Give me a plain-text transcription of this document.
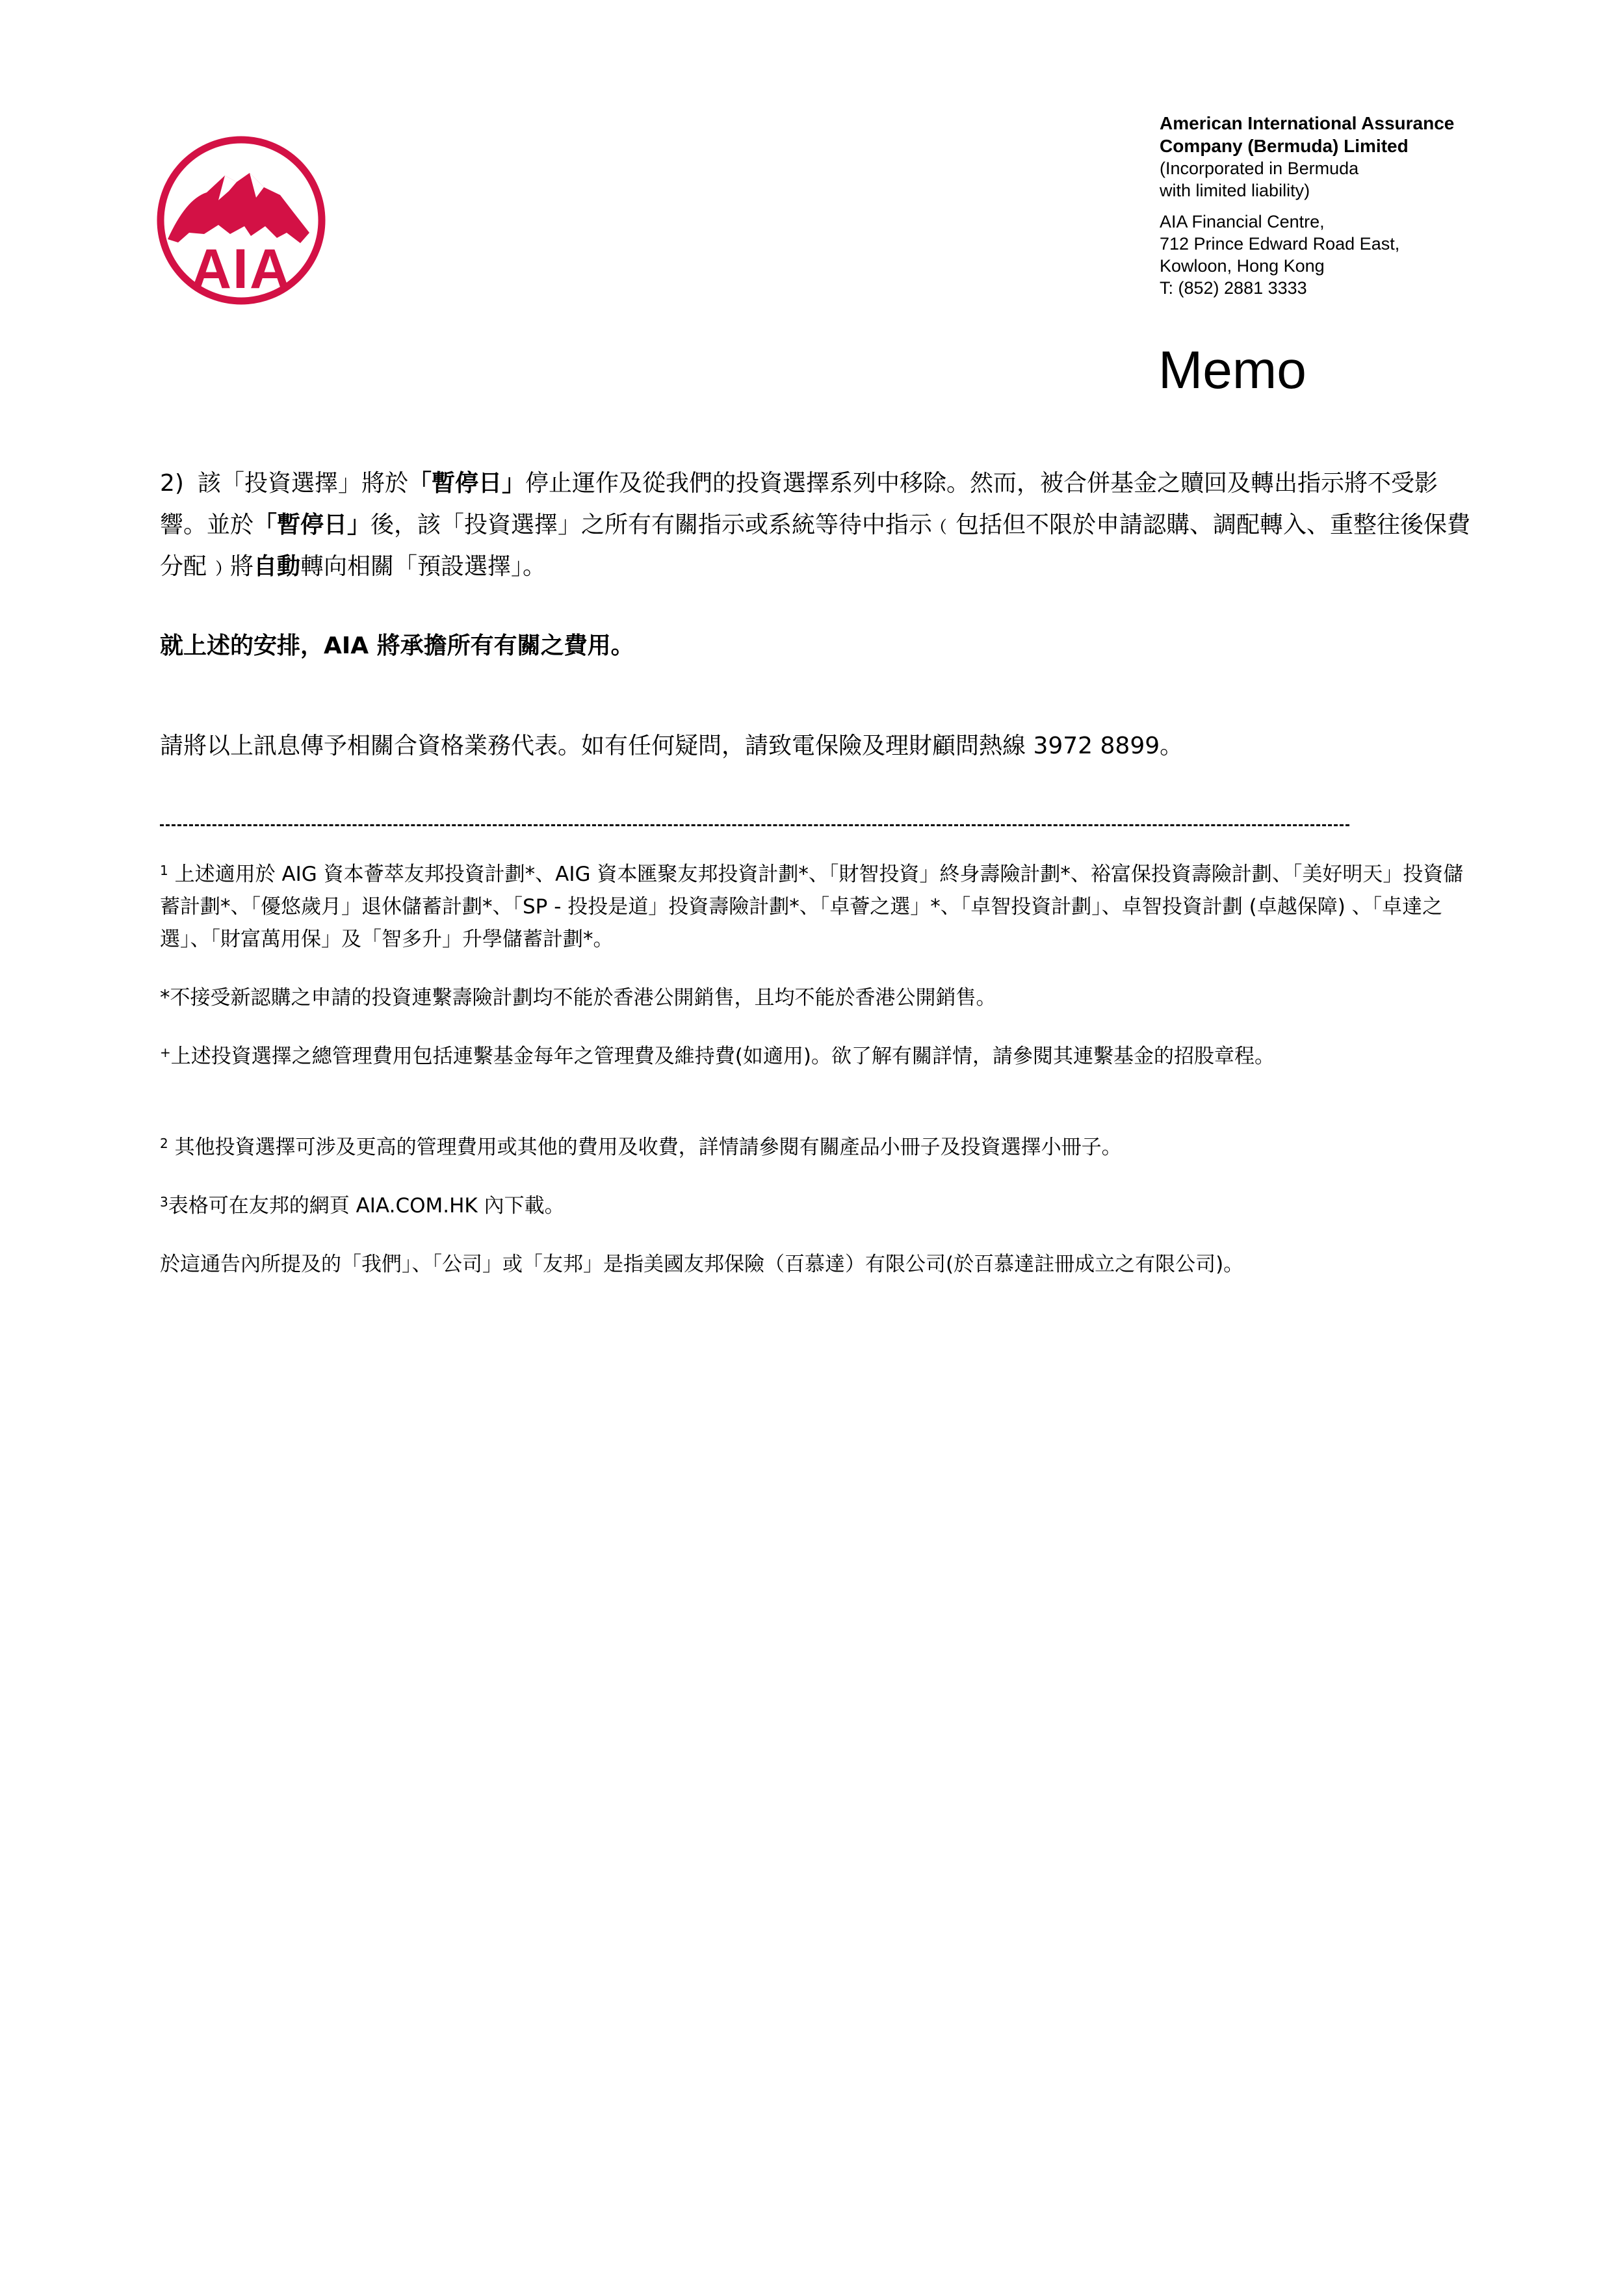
AIA
American International Assurance
Company (Bermuda) Limited
(Incorporated in Bermuda
with limited liability)
AIA Financial Centre,
712 Prince Edward Road East,
Kowloon, Hong Kong
T: (852) 2881 3333
Memo
2) 該「投資選擇」將於「暫停日」停止運作及從我們的投資選擇系列中移除。然而，被合併基金之贖回及轉出指示將不受影響。並於「暫停日」後，該「投資選擇」之所有有關指示或系統等待中指示﹙包括但不限於申請認購、調配轉入、重整往後保費分配﹚將自動轉向相關「預設選擇」。
就上述的安排，AIA 將承擔所有有關之費用。
請將以上訊息傳予相關合資格業務代表。如有任何疑問，請致電保險及理財顧問熱線 3972 8899。
$^1$ 上述適用於 AIG 資本薈萃友邦投資計劃*、AIG 資本匯聚友邦投資計劃*、「財智投資」終身壽險計劃*、裕富保投資壽險計劃、「美好明天」投資儲蓄計劃*、「優悠歲月」退休儲蓄計劃*、「SP - 投投是道」投資壽險計劃*、「卓薈之選」*、「卓智投資計劃」、卓智投資計劃 (卓越保障) 、「卓達之選」、「財富萬用保」及「智多升」升學儲蓄計劃*。
*不接受新認購之申請的投資連繫壽險計劃均不能於香港公開銷售，且均不能於香港公開銷售。
+上述投資選擇之總管理費用包括連繫基金每年之管理費及維持費(如適用)。欲了解有關詳情，請參閱其連繫基金的招股章程。
$^2$ 其他投資選擇可涉及更高的管理費用或其他的費用及收費，詳情請參閱有關產品小冊子及投資選擇小冊子。
$^3$表格可在友邦的網頁 AIA.COM.HK 內下載。
於這通告內所提及的「我們」、「公司」或「友邦」是指美國友邦保險（百慕達）有限公司(於百慕達註冊成立之有限公司)。
